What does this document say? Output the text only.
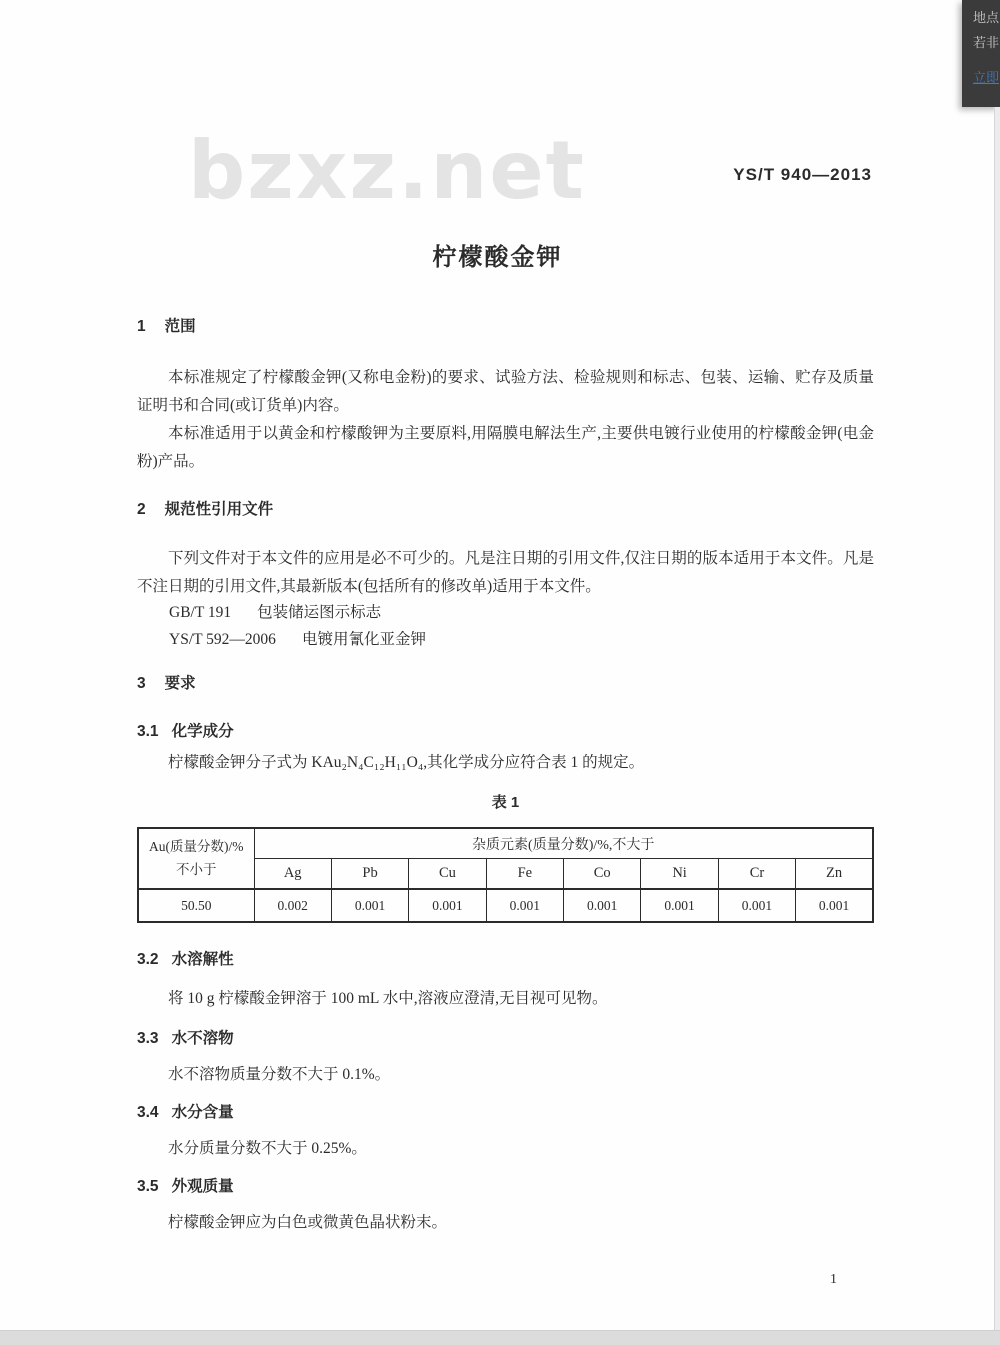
bzxz.net	YS/T 940—2013
柠檬酸金钾
1 范围

本标准规定了柠檬酸金钾(又称电金粉)的要求、试验方法、检验规则和标志、包装、运输、贮存及质量证明书和合同(或订货单)内容。

本标准适用于以黄金和柠檬酸钾为主要原料,用隔膜电解法生产,主要供电镀行业使用的柠檬酸金钾(电金粉)产品。

2 规范性引用文件

下列文件对于本文件的应用是必不可少的。凡是注日期的引用文件,仅注日期的版本适用于本文件。凡是不注日期的引用文件,其最新版本(包括所有的修改单)适用于本文件。

GB/T 191 包装储运图示标志
YS/T 592—2006 电镀用氰化亚金钾
3 要求
3.1 化学成分
柠檬酸金钾分子式为 KAu₂N₄C₁₂H₁₁O₄,其化学成分应符合表 1 的规定。
表 1
Au(质量分数)/%
不小于	杂质元素(质量分数)/%,不大于							
	Ag	Pb	Cu	Fe	Co	Ni	Cr	Zn
50.50	0.002	0.001	0.001	0.001	0.001	0.001	0.001	0.001
3.2 水溶解性
将 10 g 柠檬酸金钾溶于 100 mL 水中,溶液应澄清,无目视可见物。
3.3 水不溶物
水不溶物质量分数不大于 0.1%。
3.4 水分含量
水分质量分数不大于 0.25%。
3.5 外观质量
柠檬酸金钾应为白色或微黄色晶状粉末。
1
地点
若非
立即
